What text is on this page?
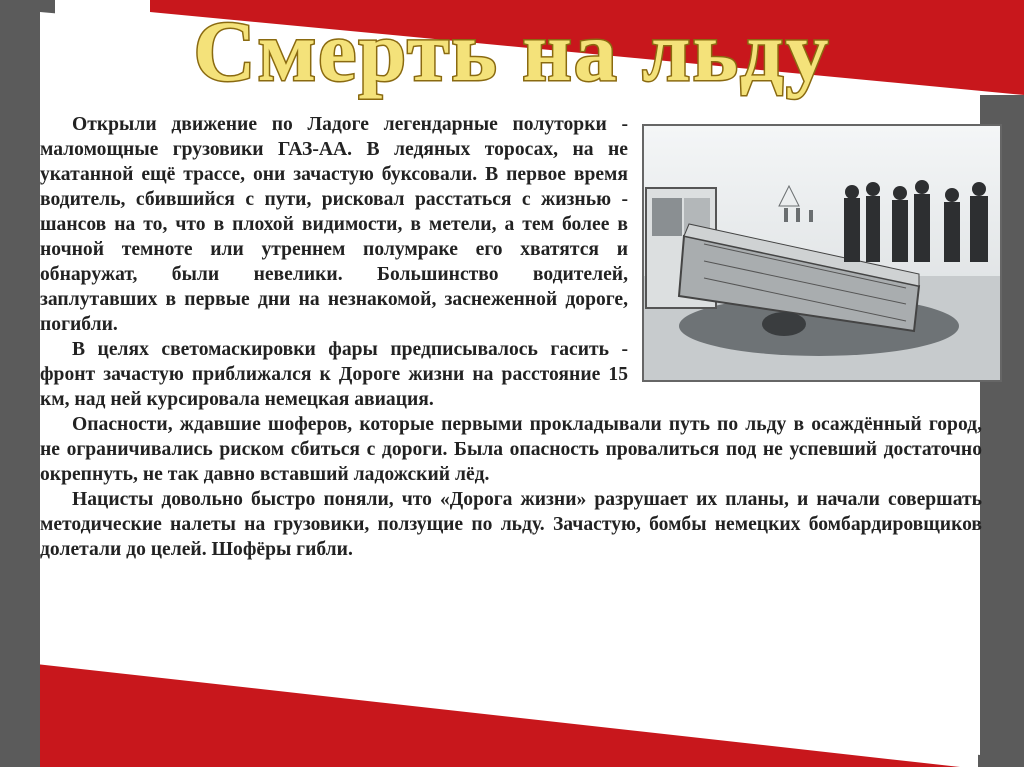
Смерть на льду

Открыли движение по Ладоге легендарные полуторки - маломощные грузовики ГАЗ-АА. В ледяных торосах, на не укатанной ещё трассе, они зачастую буксовали. В первое время водитель, сбившийся с пути, рисковал расстаться с жизнью - шансов на то, что в плохой видимости, в метели, а тем более в ночной темноте или утреннем полумраке его хватятся и обнаружат, были невелики. Большинство водителей, заплутавших в первые дни на незнакомой, заснеженной дороге, погибли.

В целях светомаскировки фары предписывалось гасить - фронт зачастую приближался к Дороге жизни на расстояние 15 км, над ней курсировала немецкая авиация.

Опасности, ждавшие шоферов, которые первыми прокладывали путь по льду в осаждённый город, не ограничивались риском сбиться с дороги. Была опасность провалиться под не успевший достаточно окрепнуть, не так давно вставший ладожский лёд.

Нацисты довольно быстро поняли, что «Дорога жизни» разрушает их планы, и начали совершать методические налеты на грузовики, ползущие по льду. Зачастую, бомбы немецких бомбардировщиков долетали до целей. Шофёры гибли.
